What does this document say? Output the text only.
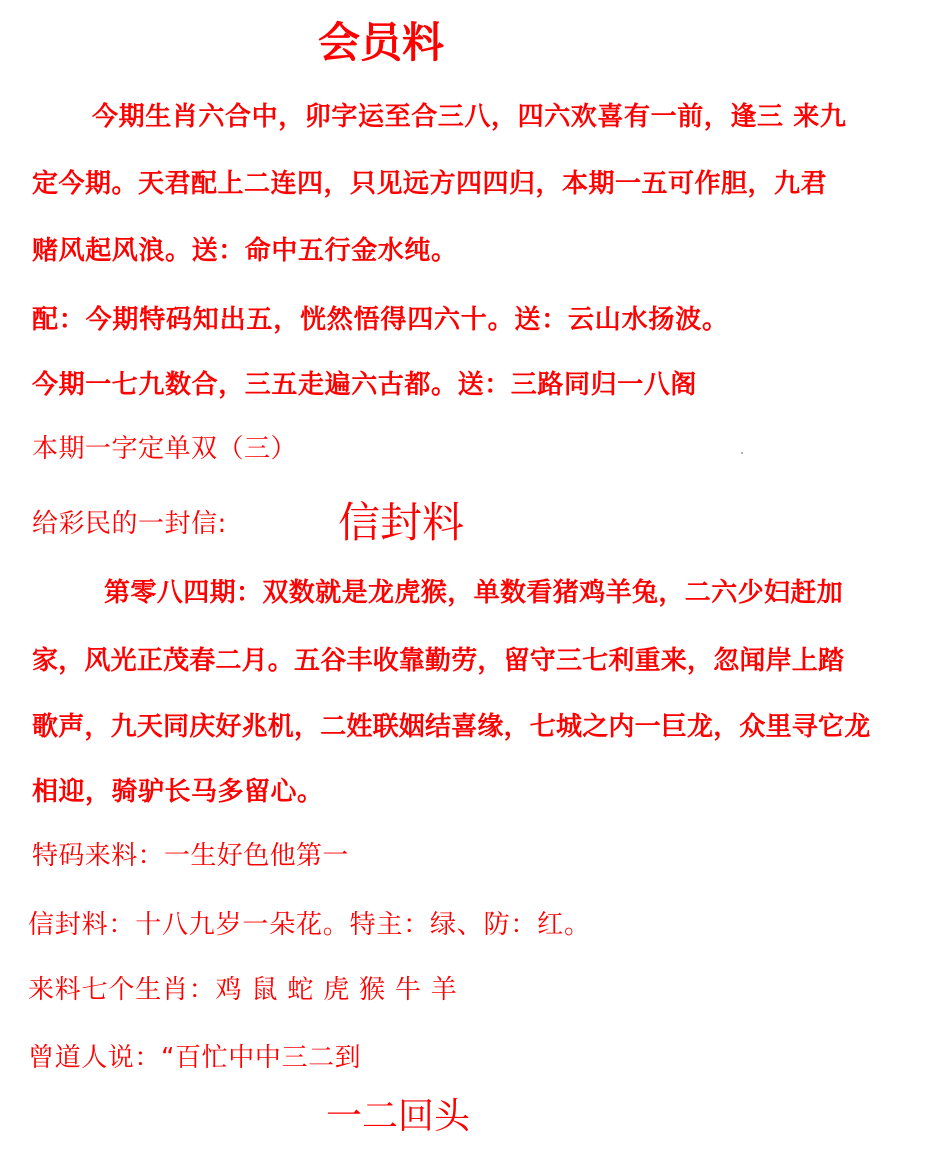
会员料
今期生肖六合中，卯字运至合三八，四六欢喜有一前，逢三 来九
定今期。天君配上二连四，只见远方四四归，本期一五可作胆，九君
赌风起风浪。送：命中五行金水纯。
配：今期特码知出五，恍然悟得四六十。送：云山水扬波。
今期一七九数合，三五走遍六古都。送：三路同归一八阁
本期一字定单双（三）
给彩民的一封信:	信封料
第零八四期：双数就是龙虎猴，单数看猪鸡羊兔，二六少妇赶加
家，风光正茂春二月。五谷丰收靠勤劳，留守三七利重来，忽闻岸上踏
歌声，九天同庆好兆机，二姓联姻结喜缘，七城之内一巨龙，众里寻它龙
相迎，骑驴长马多留心。
特码来料：一生好色他第一
信封料：十八九岁一朵花。特主：绿、防：红。
来料七个生肖：鸡 鼠 蛇 虎 猴 牛 羊
曾道人说：“百忙中中三二到
一二回头
